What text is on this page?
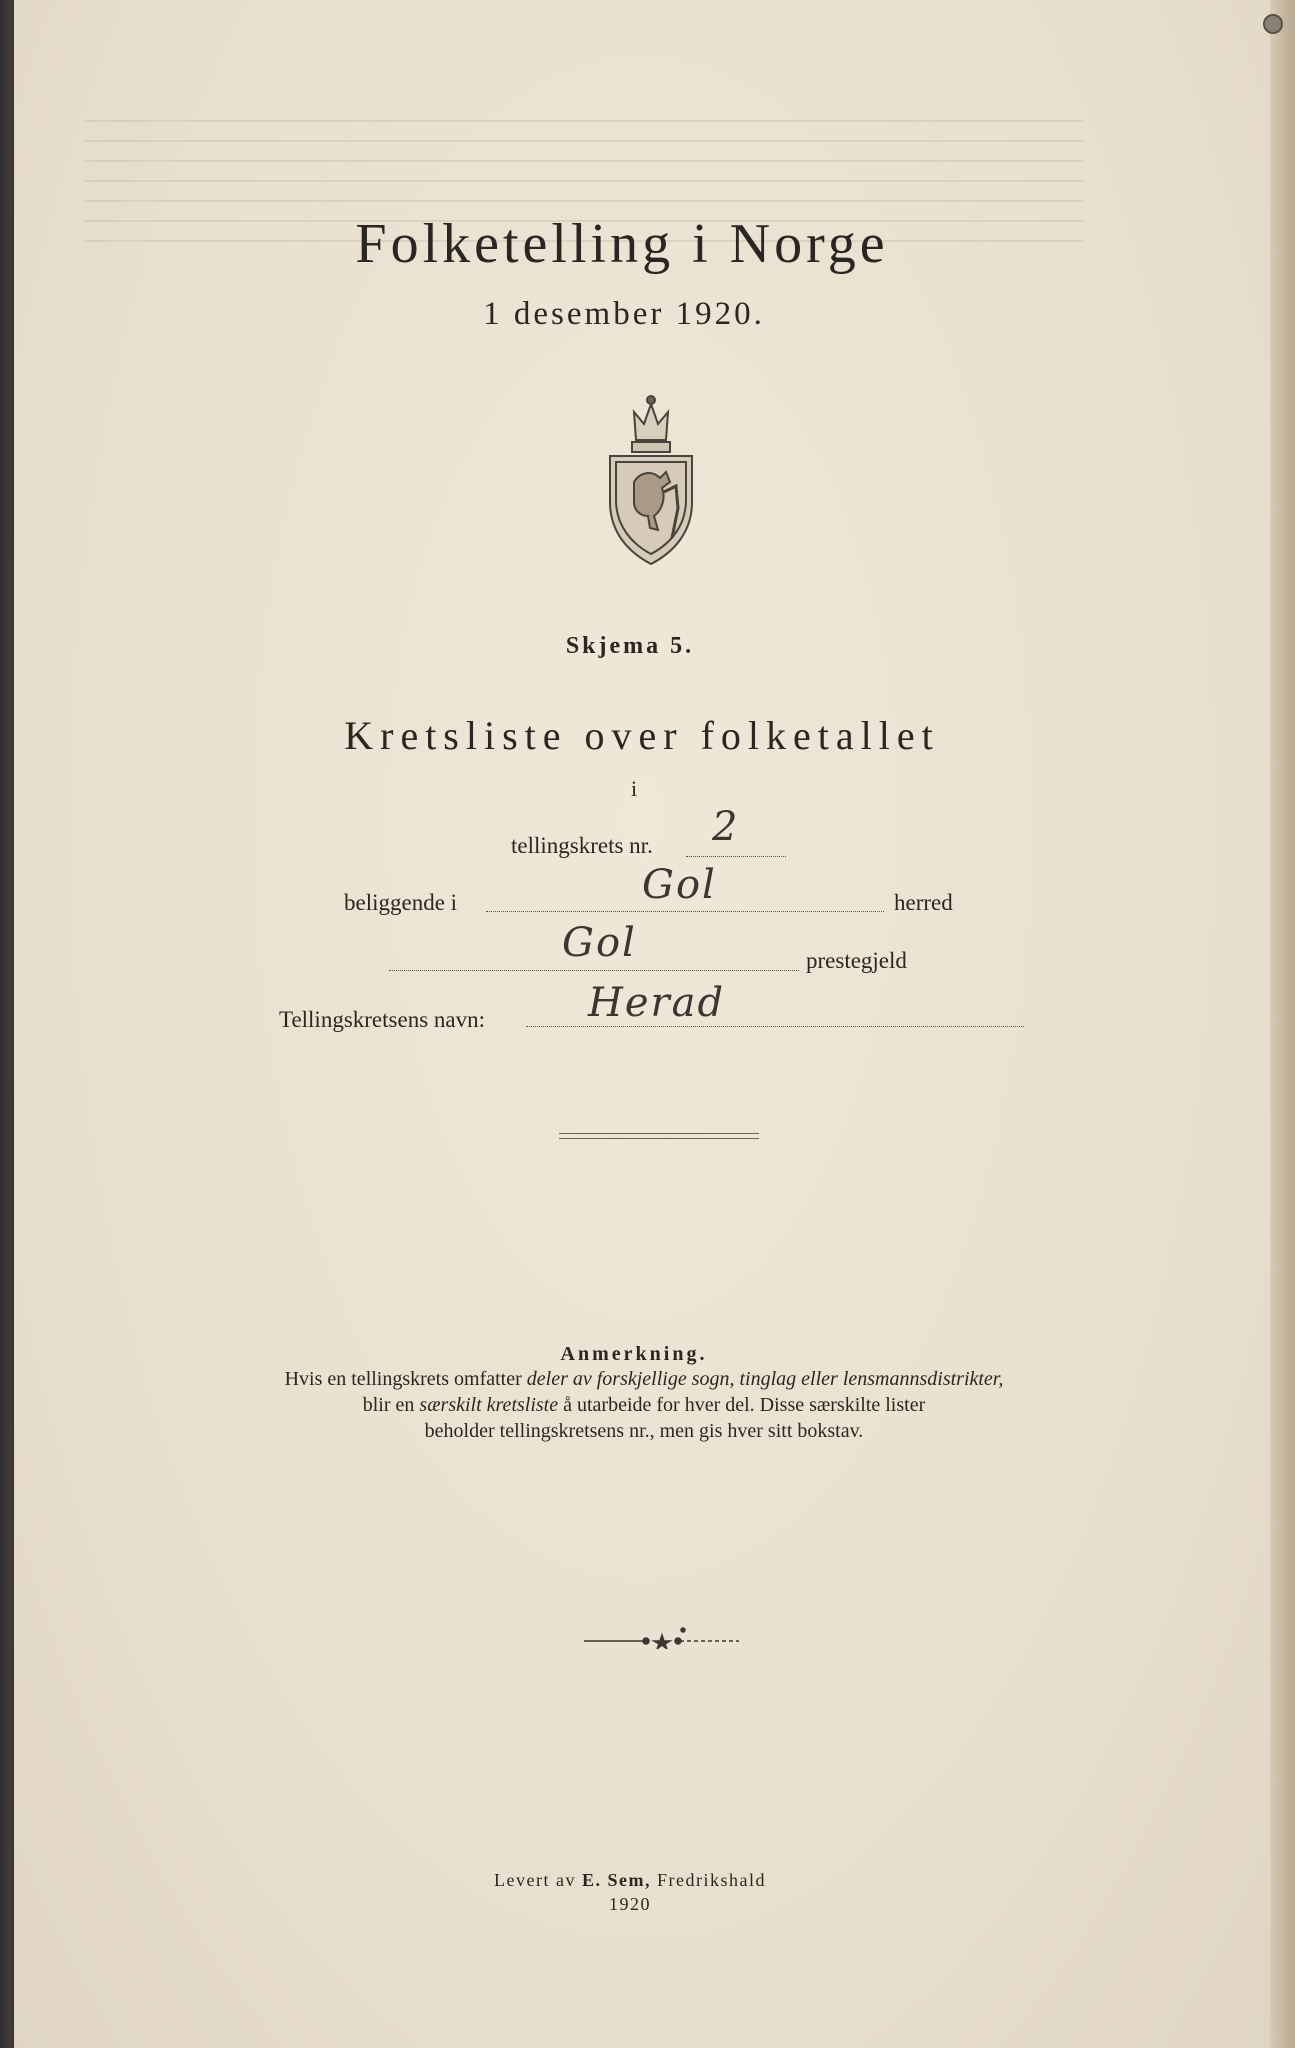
Folketelling i Norge
1 desember 1920.
Skjema 5.
Kretsliste over folketallet
i
tellingskrets nr. 2
beliggende i	Gol	herred
Gol	prestegjeld
Tellingskretsens navn:	Herad
Anmerkning.
Hvis en tellingskrets omfatter deler av forskjellige sogn, tinglag eller lensmannsdistrikter,
blir en særskilt kretsliste å utarbeide for hver del. Disse særskilte lister
beholder tellingskretsens nr., men gis hver sitt bokstav.
Levert av E. Sem, Fredrikshald
1920
